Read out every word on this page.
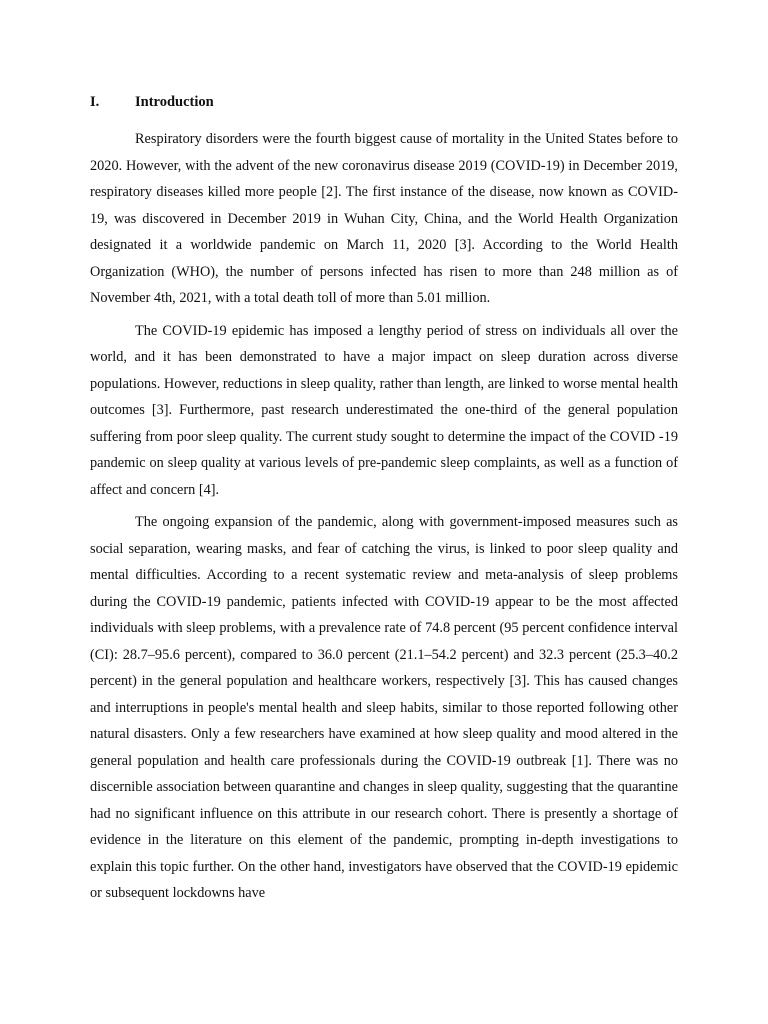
I.	Introduction

Respiratory disorders were the fourth biggest cause of mortality in the United States before to 2020. However, with the advent of the new coronavirus disease 2019 (COVID-19) in December 2019, respiratory diseases killed more people [2]. The first instance of the disease, now known as COVID-19, was discovered in December 2019 in Wuhan City, China, and the World Health Organization designated it a worldwide pandemic on March 11, 2020 [3]. According to the World Health Organization (WHO), the number of persons infected has risen to more than 248 million as of November 4th, 2021, with a total death toll of more than 5.01 million.

The COVID-19 epidemic has imposed a lengthy period of stress on individuals all over the world, and it has been demonstrated to have a major impact on sleep duration across diverse populations. However, reductions in sleep quality, rather than length, are linked to worse mental health outcomes [3]. Furthermore, past research underestimated the one-third of the general population suffering from poor sleep quality. The current study sought to determine the impact of the COVID -19 pandemic on sleep quality at various levels of pre-pandemic sleep complaints, as well as a function of affect and concern [4].

The ongoing expansion of the pandemic, along with government-imposed measures such as social separation, wearing masks, and fear of catching the virus, is linked to poor sleep quality and mental difficulties. According to a recent systematic review and meta-analysis of sleep problems during the COVID-19 pandemic, patients infected with COVID-19 appear to be the most affected individuals with sleep problems, with a prevalence rate of 74.8 percent (95 percent confidence interval (CI): 28.7–95.6 percent), compared to 36.0 percent (21.1–54.2 percent) and 32.3 percent (25.3–40.2 percent) in the general population and healthcare workers, respectively [3]. This has caused changes and interruptions in people's mental health and sleep habits, similar to those reported following other natural disasters. Only a few researchers have examined at how sleep quality and mood altered in the general population and health care professionals during the COVID-19 outbreak [1]. There was no discernible association between quarantine and changes in sleep quality, suggesting that the quarantine had no significant influence on this attribute in our research cohort. There is presently a shortage of evidence in the literature on this element of the pandemic, prompting in-depth investigations to explain this topic further. On the other hand, investigators have observed that the COVID-19 epidemic or subsequent lockdowns have
